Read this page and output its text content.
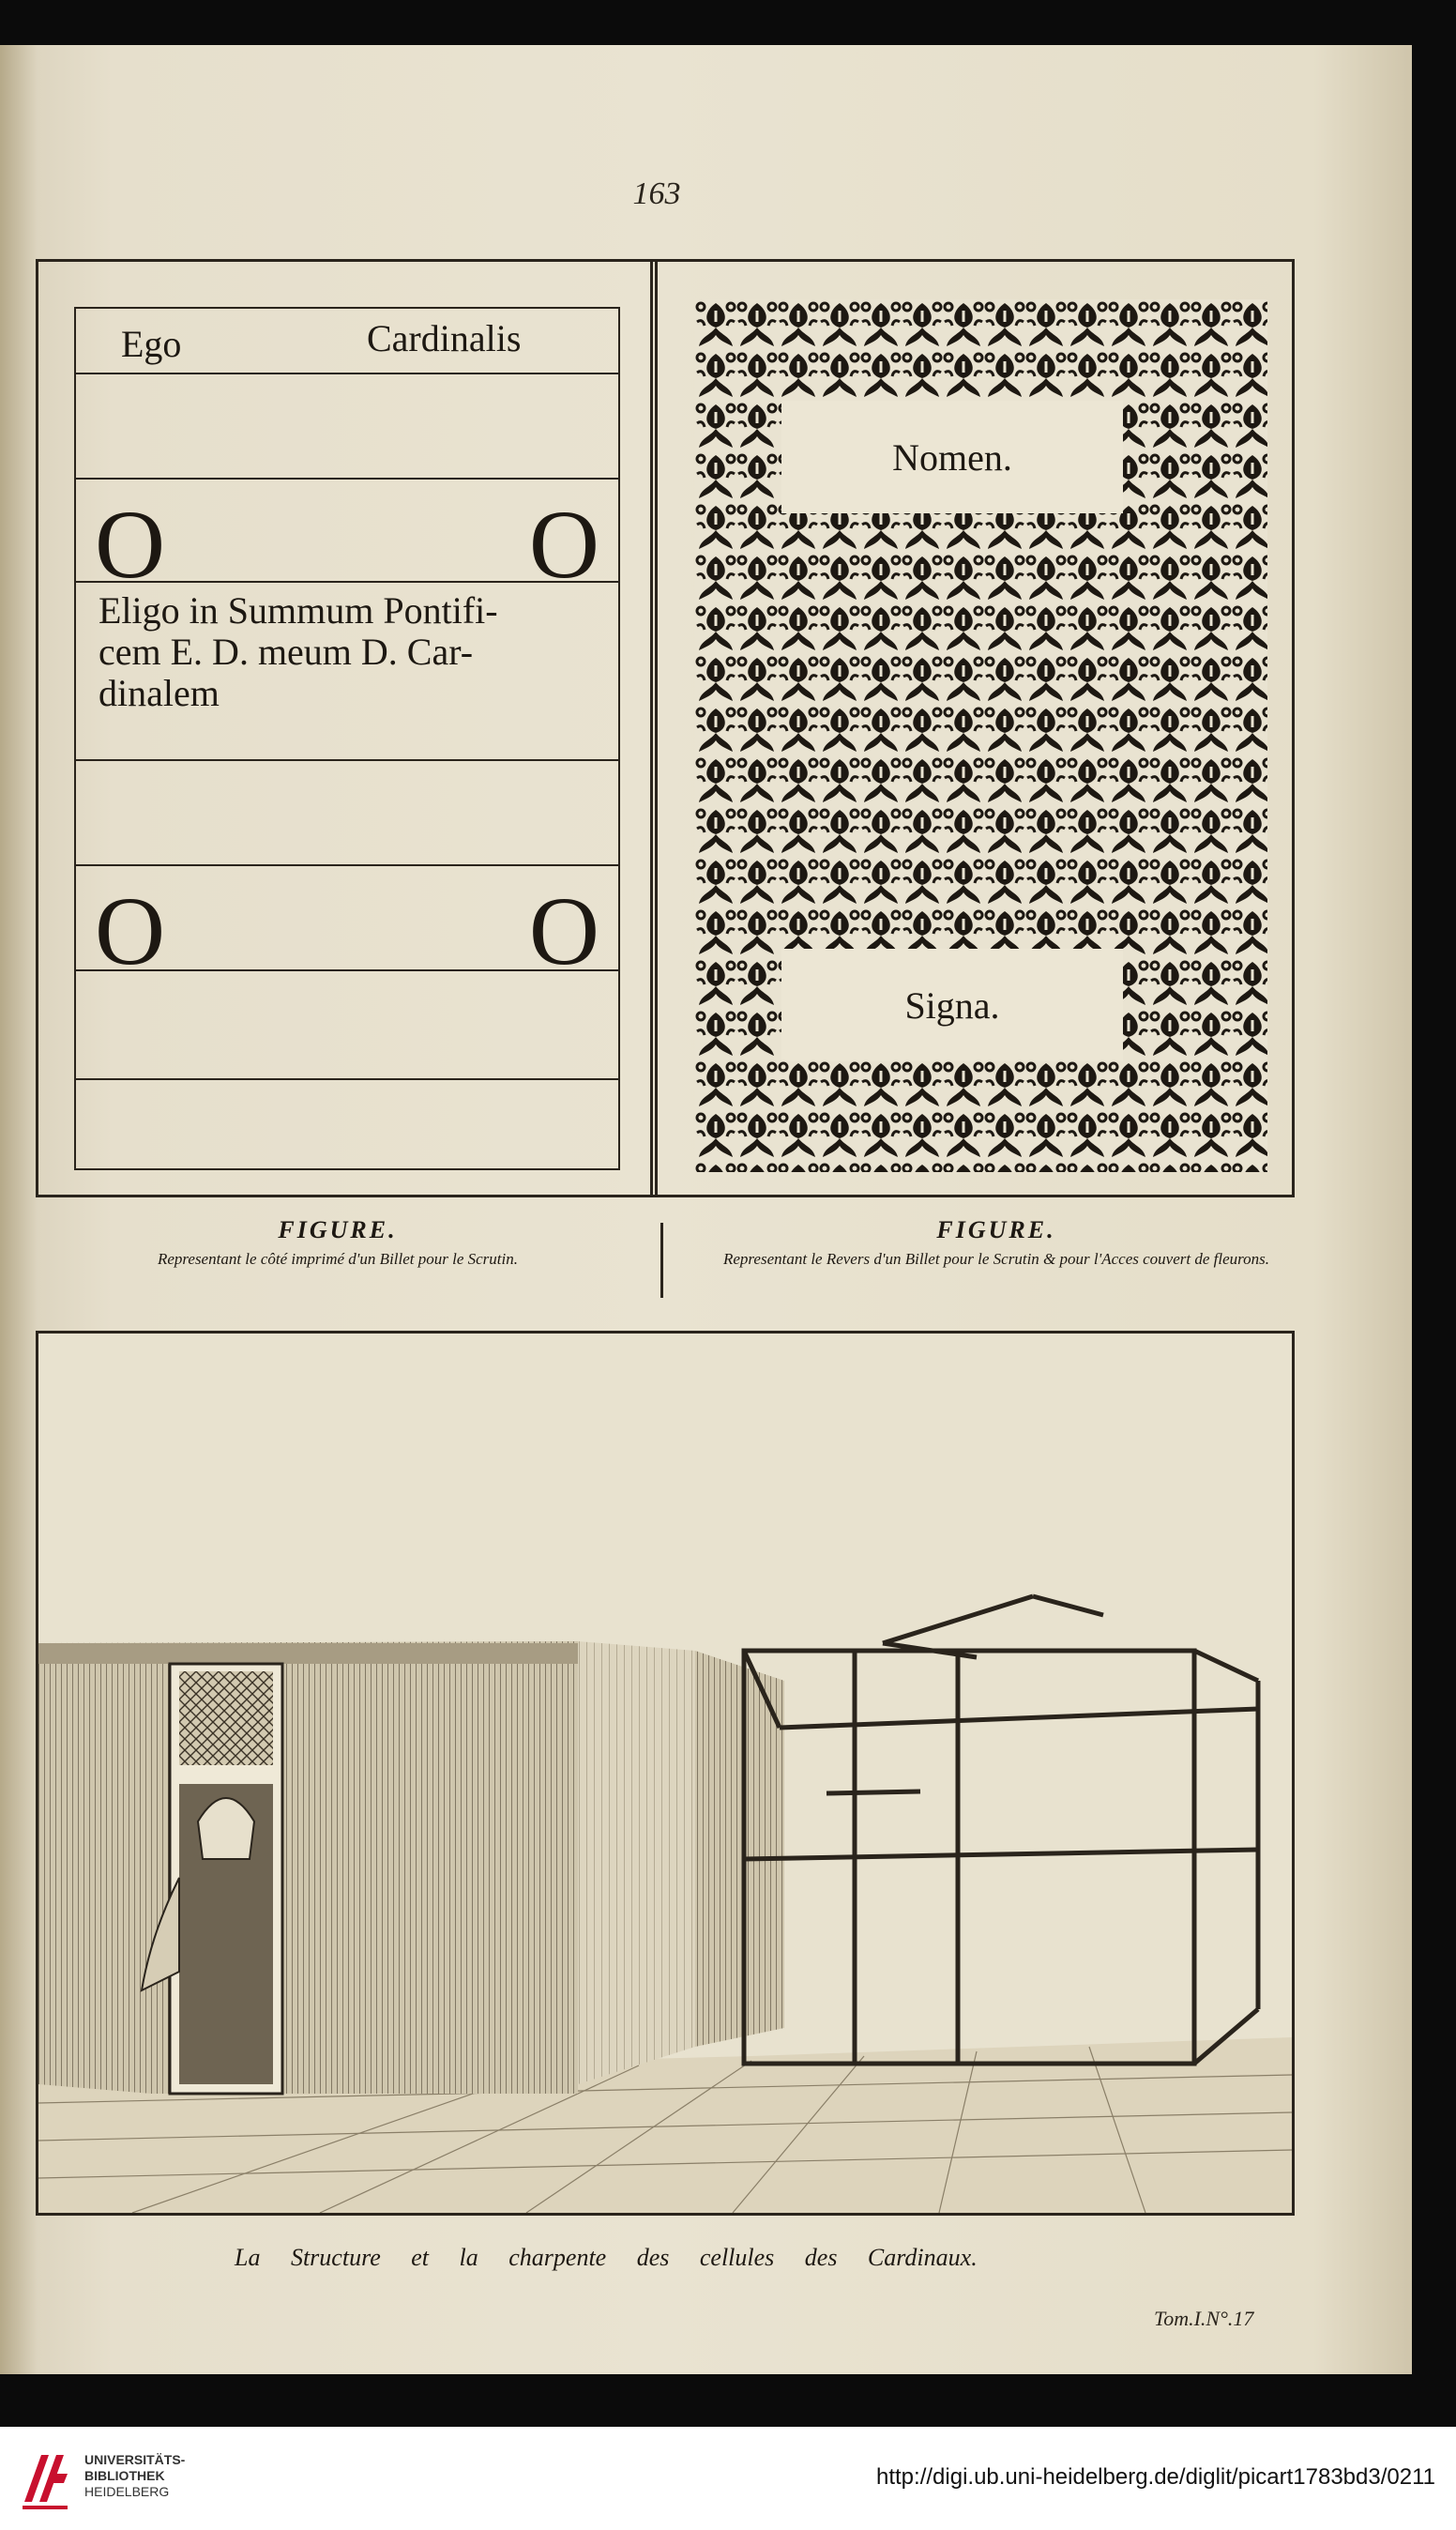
163
Ego	Cardinalis
O	O
Eligo in Summum Pontifi-
cem E. D. meum D. Car-
dinalem
O	O
Nomen.
Signa.
FIGURE.
Representant le côté imprimé d'un Billet pour le Scrutin.
FIGURE.
Representant le Revers d'un Billet pour le Scrutin & pour l'Acces couvert de fleurons.
La Structure et la charpente des cellules des Cardinaux.
Tom.I.N°.17
UNIVERSITÄTS-
BIBLIOTHEK
HEIDELBERG
http://digi.ub.uni-heidelberg.de/diglit/picart1783bd3/0211
